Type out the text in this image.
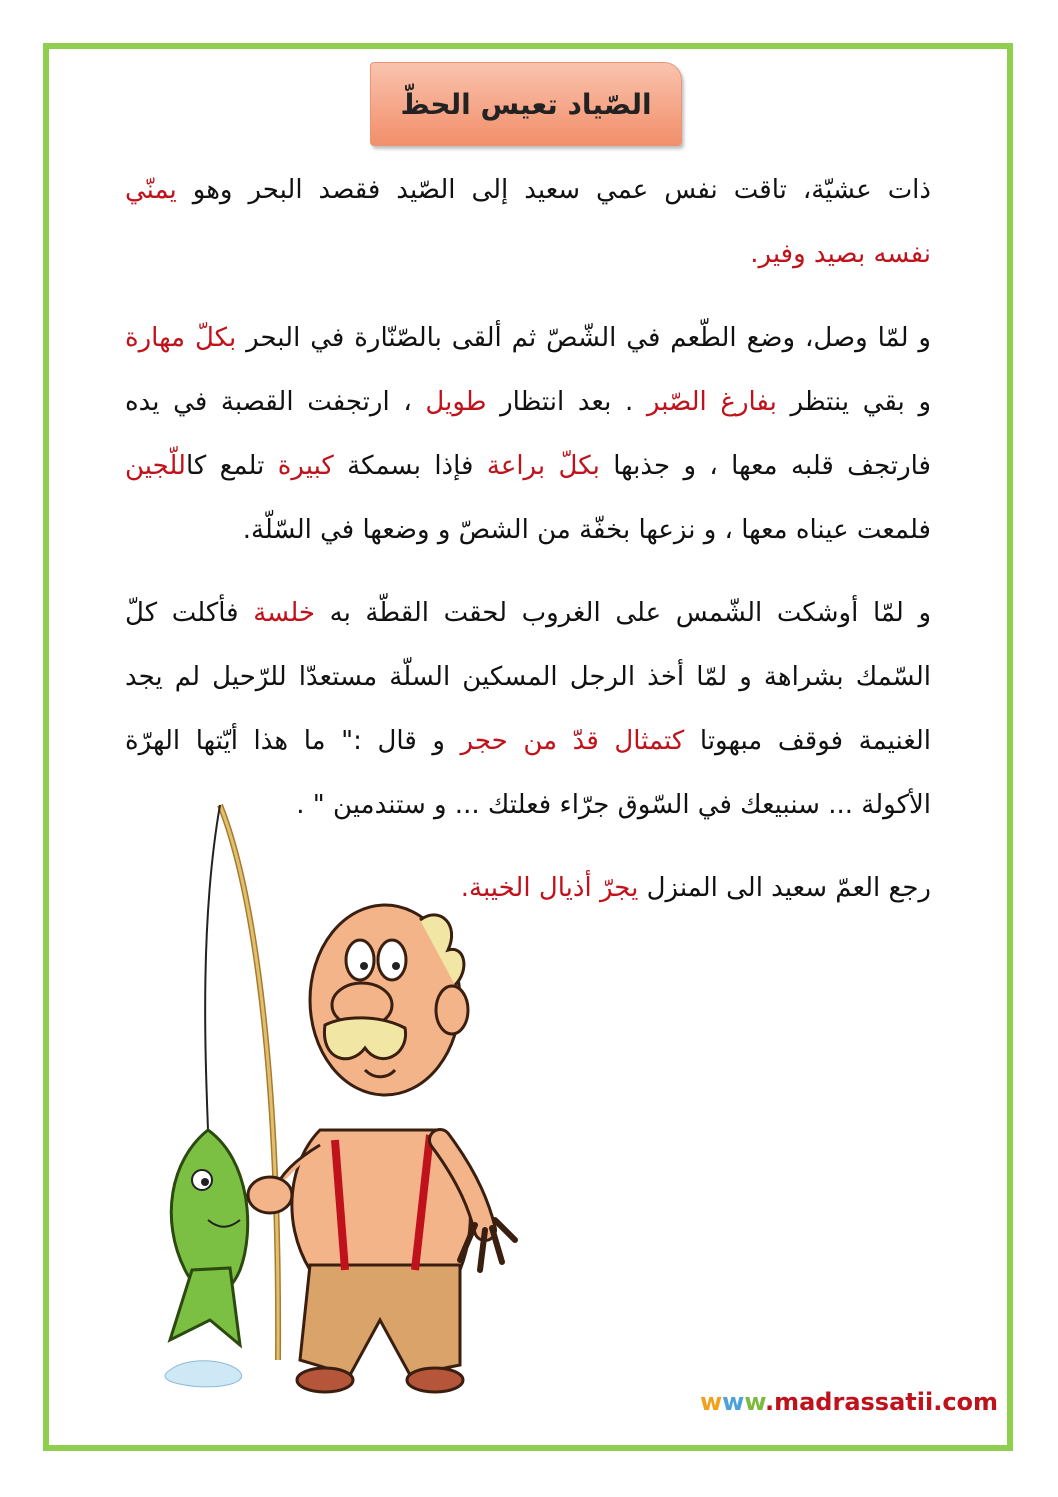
الصّياد تعيس الحظّ
ذات عشيّة، تاقت نفس عمي سعيد إلى الصّيد فقصد البحر وهو يمنّي
نفسه بصيد وفير.
و لمّا وصل، وضع الطّعم في الشّصّ ثم ألقى بالصّنّارة في البحر بكلّ مهارة
و بقي ينتظر بفارغ الصّبر . بعد انتظار طويل ، ارتجفت القصبة في يده
فارتجف قلبه معها ، و جذبها بكلّ براعة فإذا بسمكة كبيرة تلمع كاللّجين
فلمعت عيناه معها ، و نزعها بخفّة من الشصّ و وضعها في السّلّة.
و لمّا أوشكت الشّمس على الغروب لحقت القطّة به خلسة فأكلت كلّ
السّمك بشراهة و لمّا أخذ الرجل المسكين السلّة مستعدّا للرّحيل لم يجد
الغنيمة فوقف مبهوتا كتمثال قدّ من حجر و قال :" ما هذا أيّتها الهرّة
الأكولة ... سنبيعك في السّوق جرّاء فعلتك ... و ستندمين " .
رجع العمّ سعيد الى المنزل يجرّ أذيال الخيبة.
www.madrassatii.com
